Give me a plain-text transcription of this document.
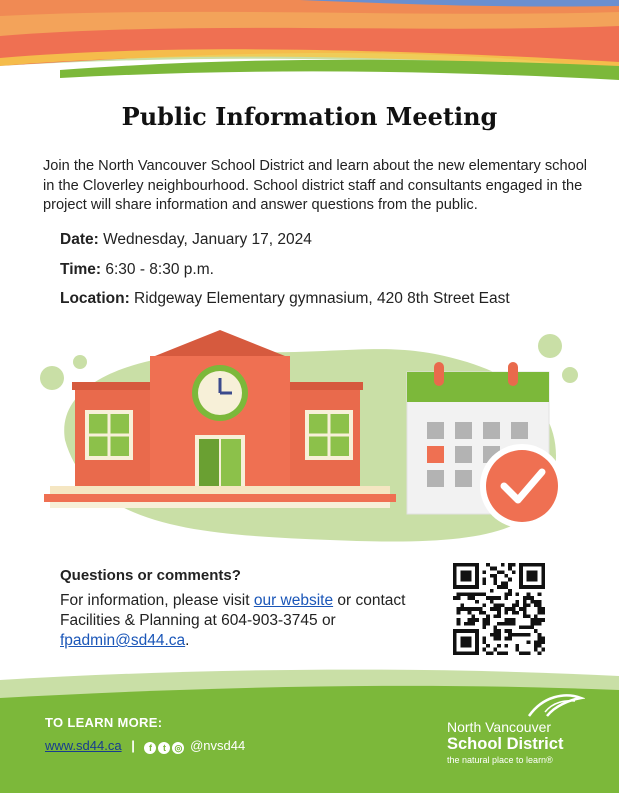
Public Information Meeting

Join the North Vancouver School District and learn about the new elementary school in the Cloverley neighbourhood. School district staff and consultants engaged in the project will share information and answer questions from the public.

Date: Wednesday, January 17, 2024
Time: 6:30 - 8:30 p.m.
Location: Ridgeway Elementary gymnasium, 420 8th Street East
Questions or comments?
For information, please visit our website or contact Facilities & Planning at 604-903-3745 or fpadmin@sd44.ca.
TO LEARN MORE:
www.sd44.ca | f t ◎ @nvsd44
North Vancouver
School District
the natural place to learn®
